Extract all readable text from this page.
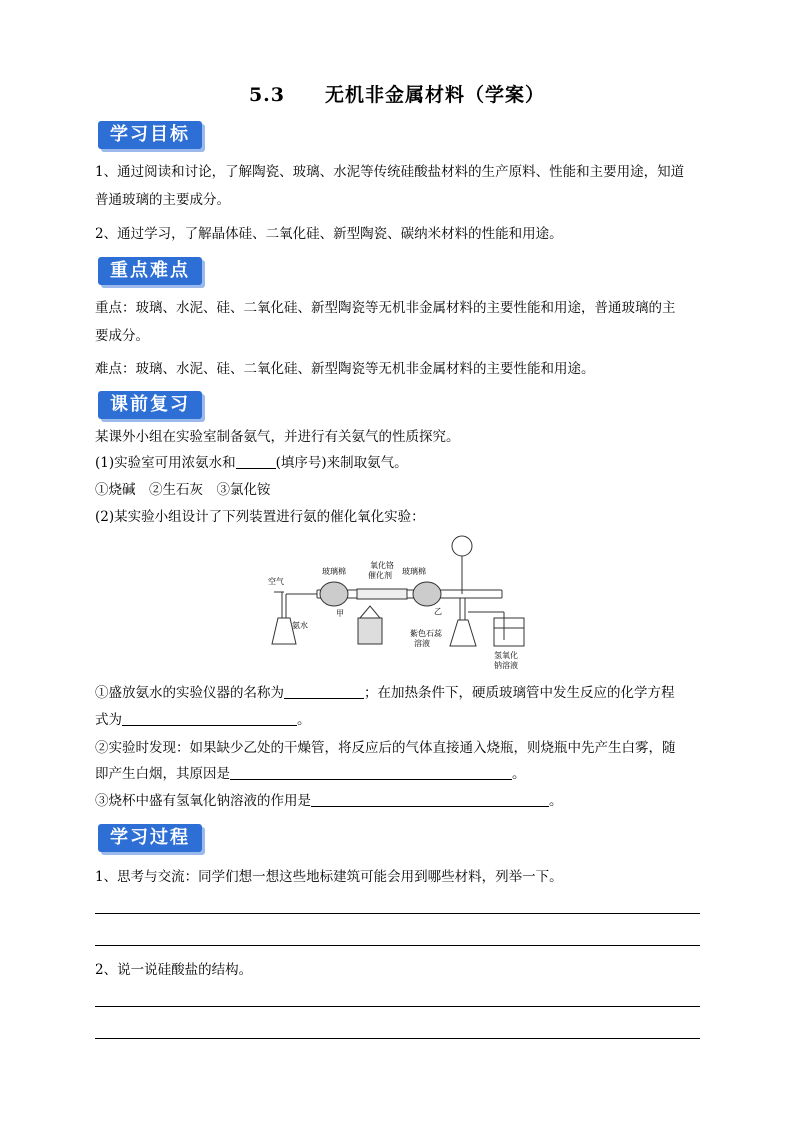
5.3 无机非金属材料（学案）
学习目标
1、通过阅读和讨论，了解陶瓷、玻璃、水泥等传统硅酸盐材料的生产原料、性能和主要用途，知道
普通玻璃的主要成分。
2、通过学习，了解晶体硅、二氧化硅、新型陶瓷、碳纳米材料的性能和用途。
重点难点
重点：玻璃、水泥、硅、二氧化硅、新型陶瓷等无机非金属材料的主要性能和用途，普通玻璃的主
要成分。
难点：玻璃、水泥、硅、二氧化硅、新型陶瓷等无机非金属材料的主要性能和用途。
课前复习
某课外小组在实验室制备氨气，并进行有关氨气的性质探究。
(1)实验室可用浓氨水和	(填序号)来制取氨气。
①烧碱　②生石灰　③氯化铵
(2)某实验小组设计了下列装置进行氨的催化氧化实验：
空气
玻璃棉
氧化铬
催化剂 玻璃棉
甲	乙
氨水
紫色石蕊
溶液
氢氧化
钠溶液
①盛放氨水的实验仪器的名称为	；在加热条件下，硬质玻璃管中发生反应的化学方程
式为	。
②实验时发现：如果缺少乙处的干燥管，将反应后的气体直接通入烧瓶，则烧瓶中先产生白雾，随
即产生白烟，其原因是	。
③烧杯中盛有氢氧化钠溶液的作用是	。
学习过程
1、思考与交流：同学们想一想这些地标建筑可能会用到哪些材料，列举一下。
2、说一说硅酸盐的结构。
